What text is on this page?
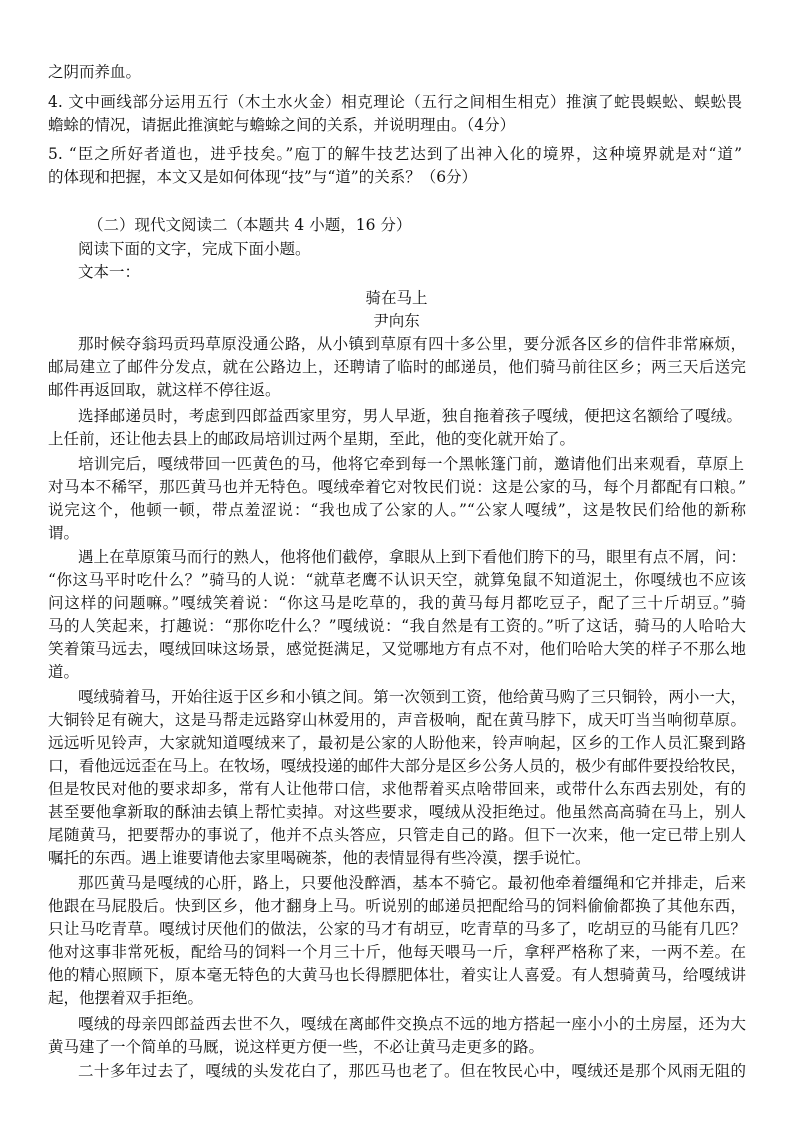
之阴而养血。
4. 文中画线部分运用五行（木土水火金）相克理论（五行之间相生相克）推演了蛇畏蜈蚣、蜈蚣畏
蟾蜍的情况，请据此推演蛇与蟾蜍之间的关系，并说明理由。（4分）
5. “臣之所好者道也，进乎技矣。”庖丁的解牛技艺达到了出神入化的境界，这种境界就是对“道”
的体现和把握，本文又是如何体现“技”与“道”的关系？（6分）
（二）现代文阅读二（本题共 4 小题，16 分）
阅读下面的文字，完成下面小题。
文本一：
骑在马上
尹向东
那时候夺翁玛贡玛草原没通公路，从小镇到草原有四十多公里，要分派各区乡的信件非常麻烦，
邮局建立了邮件分发点，就在公路边上，还聘请了临时的邮递员，他们骑马前往区乡；两三天后送完
邮件再返回取，就这样不停往返。
选择邮递员时，考虑到四郎益西家里穷，男人早逝，独自拖着孩子嘎绒，便把这名额给了嘎绒。
上任前，还让他去县上的邮政局培训过两个星期，至此，他的变化就开始了。
培训完后，嘎绒带回一匹黄色的马，他将它牵到每一个黑帐篷门前，邀请他们出来观看，草原上
对马本不稀罕，那匹黄马也并无特色。嘎绒牵着它对牧民们说：这是公家的马，每个月都配有口粮。”
说完这个，他顿一顿，带点羞涩说：“我也成了公家的人。”“公家人嘎绒”，这是牧民们给他的新称
谓。
遇上在草原策马而行的熟人，他将他们截停，拿眼从上到下看他们胯下的马，眼里有点不屑，问：
“你这马平时吃什么？”骑马的人说：“就草老鹰不认识天空，就算兔鼠不知道泥土，你嘎绒也不应该
问这样的问题嘛。”嘎绒笑着说：“你这马是吃草的，我的黄马每月都吃豆子，配了三十斤胡豆。”骑
马的人笑起来，打趣说：“那你吃什么？”嘎绒说：“我自然是有工资的。”听了这话，骑马的人哈哈大
笑着策马远去，嘎绒回味这场景，感觉挺满足，又觉哪地方有点不对，他们哈哈大笑的样子不那么地
道。
嘎绒骑着马，开始往返于区乡和小镇之间。第一次领到工资，他给黄马购了三只铜铃，两小一大，
大铜铃足有碗大，这是马帮走远路穿山林爱用的，声音极响，配在黄马脖下，成天叮当当响彻草原。
远远听见铃声，大家就知道嘎绒来了，最初是公家的人盼他来，铃声响起，区乡的工作人员汇聚到路
口，看他远远歪在马上。在牧场，嘎绒投递的邮件大部分是区乡公务人员的，极少有邮件要投给牧民，
但是牧民对他的要求却多，常有人让他带口信，求他帮着买点啥带回来，或带什么东西去别处，有的
甚至要他拿新取的酥油去镇上帮忙卖掉。对这些要求，嘎绒从没拒绝过。他虽然高高骑在马上，别人
尾随黄马，把要帮办的事说了，他并不点头答应，只管走自己的路。但下一次来，他一定已带上别人
嘱托的东西。遇上谁要请他去家里喝碗茶，他的表情显得有些冷漠，摆手说忙。
那匹黄马是嘎绒的心肝，路上，只要他没醉酒，基本不骑它。最初他牵着缰绳和它并排走，后来
他跟在马屁股后。快到区乡，他才翻身上马。听说别的邮递员把配给马的饲料偷偷都换了其他东西，
只让马吃青草。嘎绒讨厌他们的做法，公家的马才有胡豆，吃青草的马多了，吃胡豆的马能有几匹？
他对这事非常死板，配给马的饲料一个月三十斤，他每天喂马一斤，拿秤严格称了来，一两不差。在
他的精心照顾下，原本毫无特色的大黄马也长得膘肥体壮，着实让人喜爱。有人想骑黄马，给嘎绒讲
起，他摆着双手拒绝。
嘎绒的母亲四郎益西去世不久，嘎绒在离邮件交换点不远的地方搭起一座小小的土房屋，还为大
黄马建了一个简单的马厩，说这样更方便一些，不必让黄马走更多的路。
二十多年过去了，嘎绒的头发花白了，那匹马也老了。但在牧民心中，嘎绒还是那个风雨无阻的
